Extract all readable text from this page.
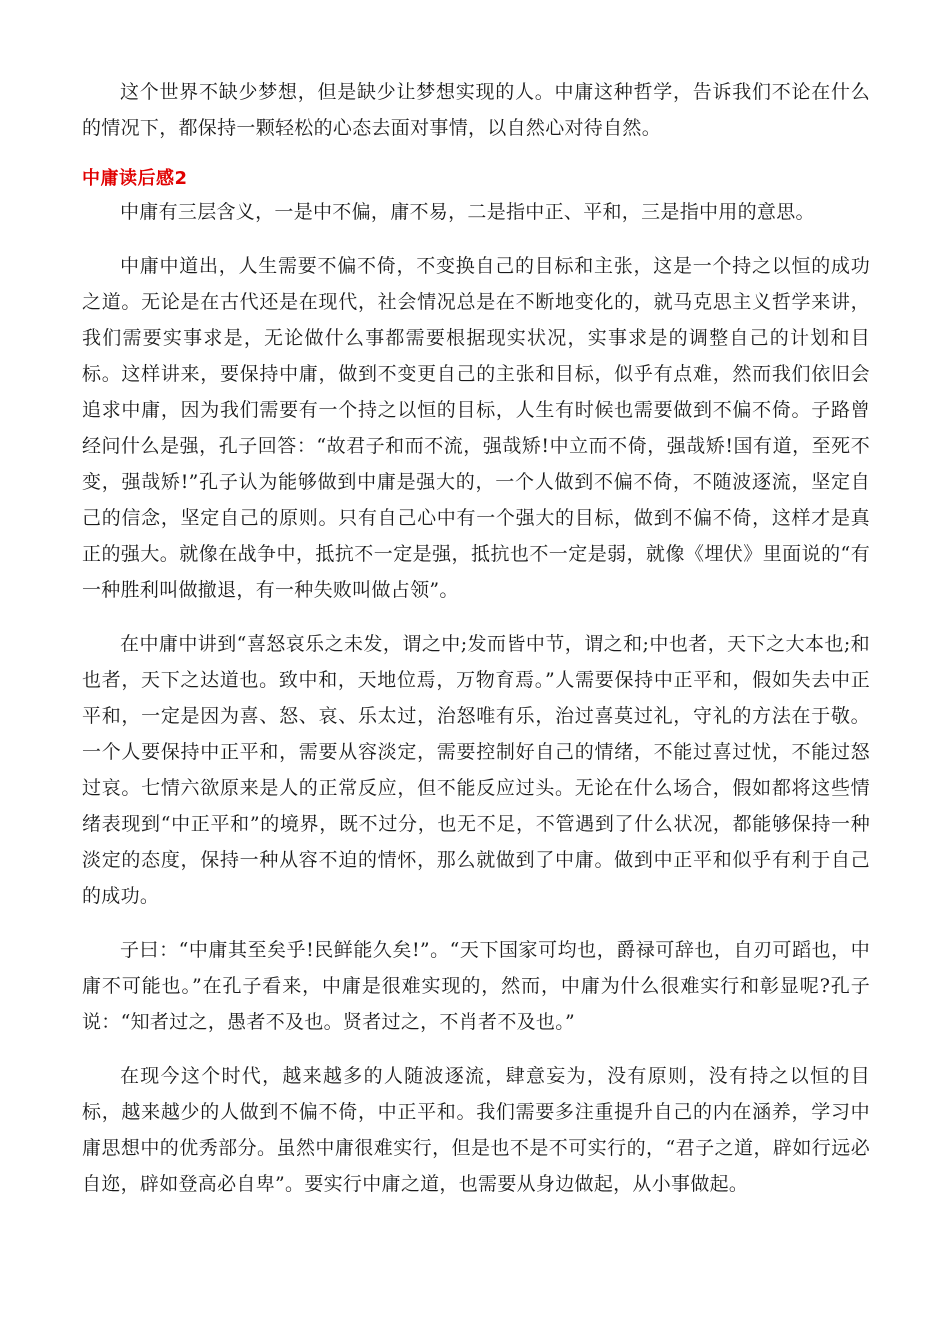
这个世界不缺少梦想，但是缺少让梦想实现的人。中庸这种哲学，告诉我们不论在什么的情况下，都保持一颗轻松的心态去面对事情，以自然心对待自然。

中庸读后感2

中庸有三层含义，一是中不偏，庸不易，二是指中正、平和，三是指中用的意思。

中庸中道出，人生需要不偏不倚，不变换自己的目标和主张，这是一个持之以恒的成功之道。无论是在古代还是在现代，社会情况总是在不断地变化的，就马克思主义哲学来讲，我们需要实事求是，无论做什么事都需要根据现实状况，实事求是的调整自己的计划和目标。这样讲来，要保持中庸，做到不变更自己的主张和目标，似乎有点难，然而我们依旧会追求中庸，因为我们需要有一个持之以恒的目标，人生有时候也需要做到不偏不倚。子路曾经问什么是强，孔子回答：“故君子和而不流，强哉矫!中立而不倚，强哉矫!国有道，至死不变，强哉矫!”孔子认为能够做到中庸是强大的，一个人做到不偏不倚，不随波逐流，坚定自己的信念，坚定自己的原则。只有自己心中有一个强大的目标，做到不偏不倚，这样才是真正的强大。就像在战争中，抵抗不一定是强，抵抗也不一定是弱，就像《埋伏》里面说的“有一种胜利叫做撤退，有一种失败叫做占领”。

在中庸中讲到“喜怒哀乐之未发，谓之中;发而皆中节，谓之和;中也者，天下之大本也;和也者，天下之达道也。致中和，天地位焉，万物育焉。”人需要保持中正平和，假如失去中正平和，一定是因为喜、怒、哀、乐太过，治怒唯有乐，治过喜莫过礼，守礼的方法在于敬。一个人要保持中正平和，需要从容淡定，需要控制好自己的情绪，不能过喜过忧，不能过怒过哀。七情六欲原来是人的正常反应，但不能反应过头。无论在什么场合，假如都将这些情绪表现到“中正平和”的境界，既不过分，也无不足，不管遇到了什么状况，都能够保持一种淡定的态度，保持一种从容不迫的情怀，那么就做到了中庸。做到中正平和似乎有利于自己的成功。

子曰：“中庸其至矣乎!民鲜能久矣!”。“天下国家可均也，爵禄可辞也，自刃可蹈也，中庸不可能也。”在孔子看来，中庸是很难实现的，然而，中庸为什么很难实行和彰显呢?孔子说：“知者过之，愚者不及也。贤者过之，不肖者不及也。”

在现今这个时代，越来越多的人随波逐流，肆意妄为，没有原则，没有持之以恒的目标，越来越少的人做到不偏不倚，中正平和。我们需要多注重提升自己的内在涵养，学习中庸思想中的优秀部分。虽然中庸很难实行，但是也不是不可实行的，“君子之道，辟如行远必自迩，辟如登高必自卑”。要实行中庸之道，也需要从身边做起，从小事做起。
